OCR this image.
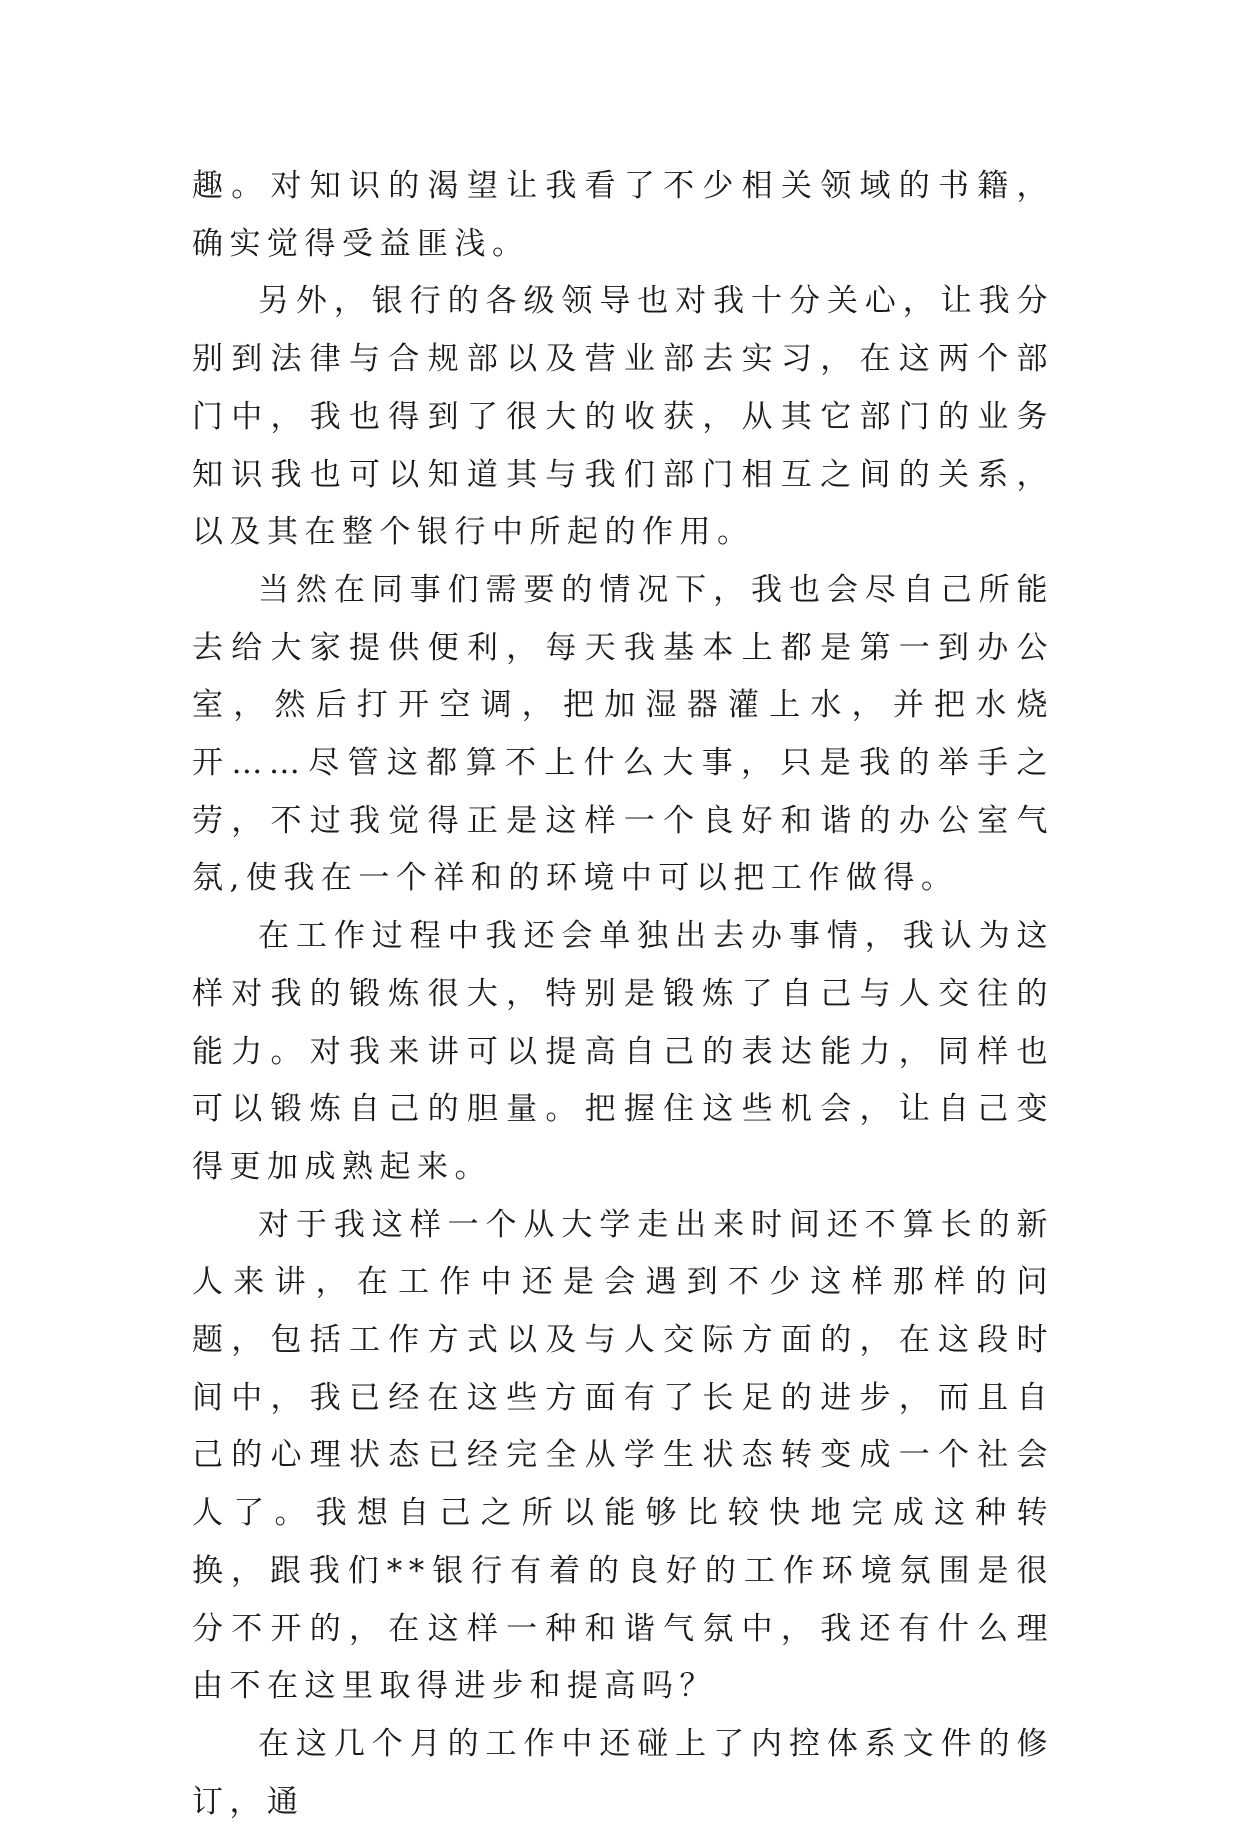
趣。对知识的渴望让我看了不少相关领域的书籍，确实觉得受益匪浅。

另外，银行的各级领导也对我十分关心，让我分别到法律与合规部以及营业部去实习，在这两个部门中，我也得到了很大的收获，从其它部门的业务知识我也可以知道其与我们部门相互之间的关系，以及其在整个银行中所起的作用。

当然在同事们需要的情况下，我也会尽自己所能去给大家提供便利，每天我基本上都是第一到办公室，然后打开空调，把加湿器灌上水，并把水烧开……尽管这都算不上什么大事，只是我的举手之劳，不过我觉得正是这样一个良好和谐的办公室气氛,使我在一个祥和的环境中可以把工作做得。

在工作过程中我还会单独出去办事情，我认为这样对我的锻炼很大，特别是锻炼了自己与人交往的能力。对我来讲可以提高自己的表达能力，同样也可以锻炼自己的胆量。把握住这些机会，让自己变得更加成熟起来。

对于我这样一个从大学走出来时间还不算长的新人来讲，在工作中还是会遇到不少这样那样的问题，包括工作方式以及与人交际方面的，在这段时间中，我已经在这些方面有了长足的进步，而且自己的心理状态已经完全从学生状态转变成一个社会人了。我想自己之所以能够比较快地完成这种转换，跟我们**银行有着的良好的工作环境氛围是很分不开的，在这样一种和谐气氛中，我还有什么理由不在这里取得进步和提高吗？

在这几个月的工作中还碰上了内控体系文件的修订，通
